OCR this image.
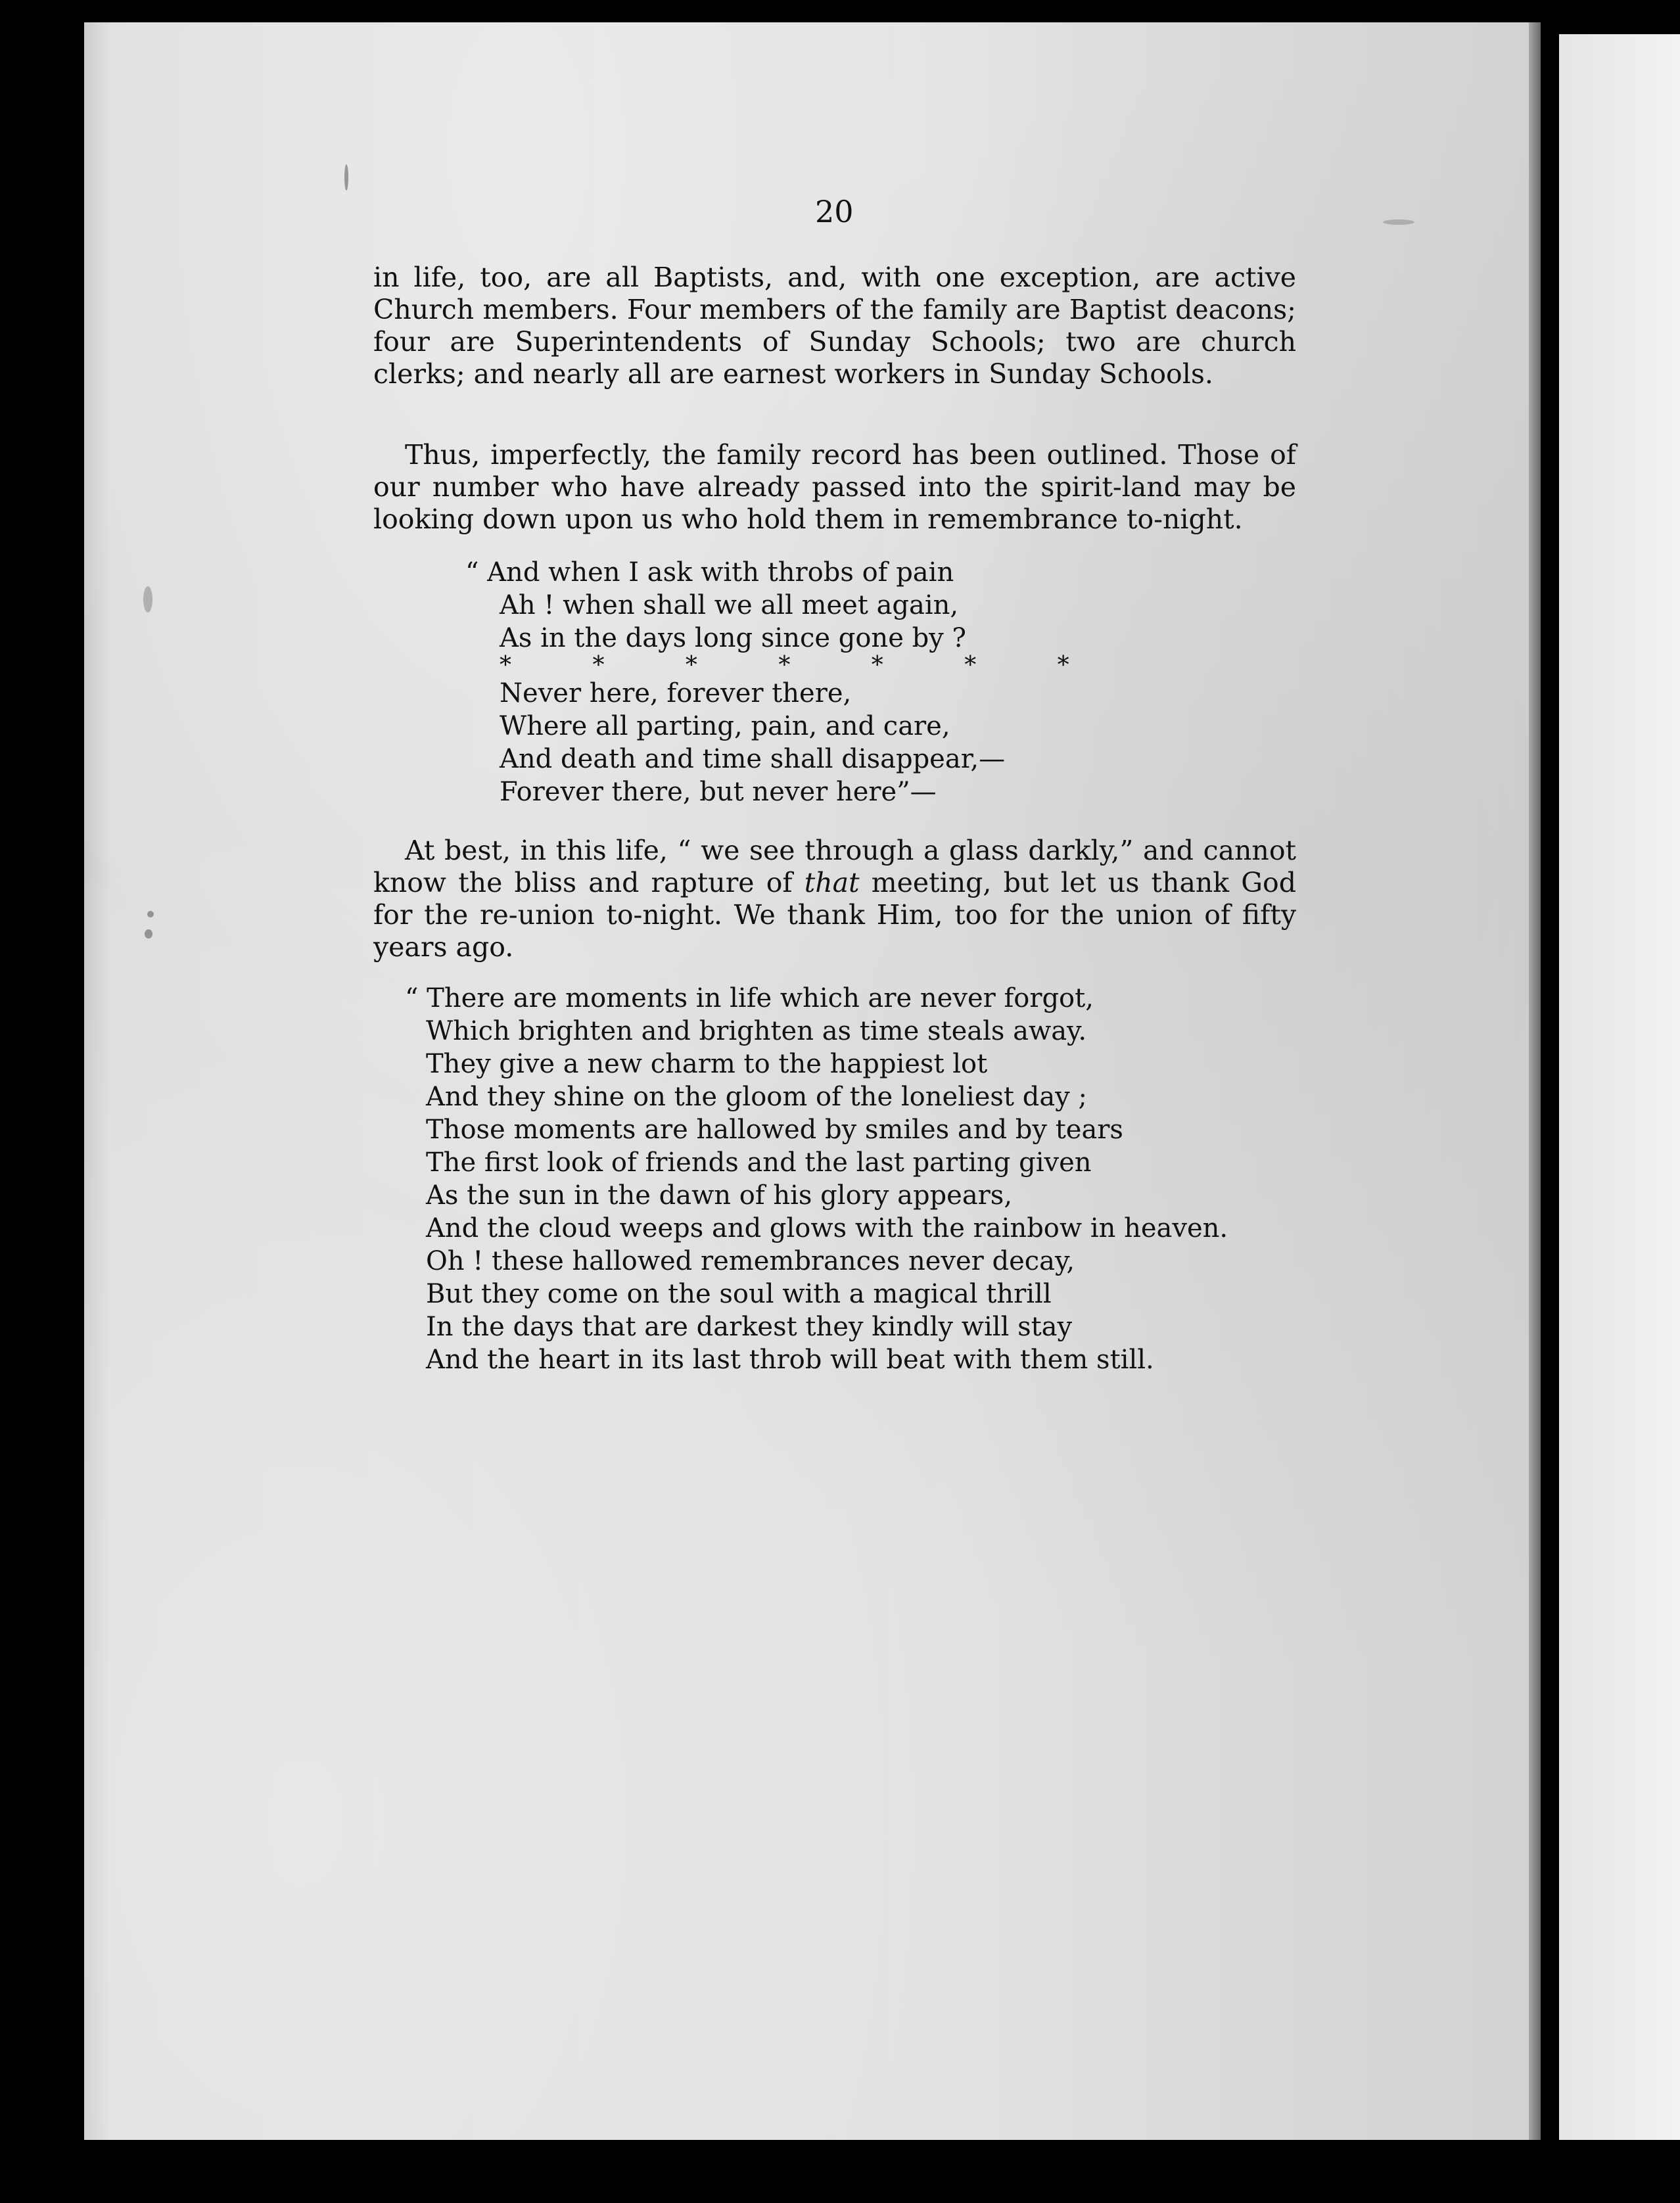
20

in life, too, are all Baptists, and, with one exception, are active Church members. Four members of the family are Baptist deacons; four are Superintendents of Sunday Schools; two are church clerks; and nearly all are earnest workers in Sunday Schools.

Thus, imperfectly, the family record has been outlined. Those of our number who have already passed into the spirit-land may be looking down upon us who hold them in remembrance to-night.

“ And when I ask with throbs of pain
Ah ! when shall we all meet again,
As in the days long since gone by ?
* * * * * * *
Never here, forever there,
Where all parting, pain, and care,
And death and time shall disappear,—
Forever there, but never here”—

At best, in this life, “ we see through a glass darkly,” and cannot know the bliss and rapture of that meeting, but let us thank God for the re-union to-night. We thank Him, too for the union of fifty years ago.

“ There are moments in life which are never forgot,
Which brighten and brighten as time steals away.
They give a new charm to the happiest lot
And they shine on the gloom of the loneliest day ;
Those moments are hallowed by smiles and by tears
The first look of friends and the last parting given
As the sun in the dawn of his glory appears,
And the cloud weeps and glows with the rainbow in heaven.
Oh ! these hallowed remembrances never decay,
But they come on the soul with a magical thrill
In the days that are darkest they kindly will stay
And the heart in its last throb will beat with them still.
